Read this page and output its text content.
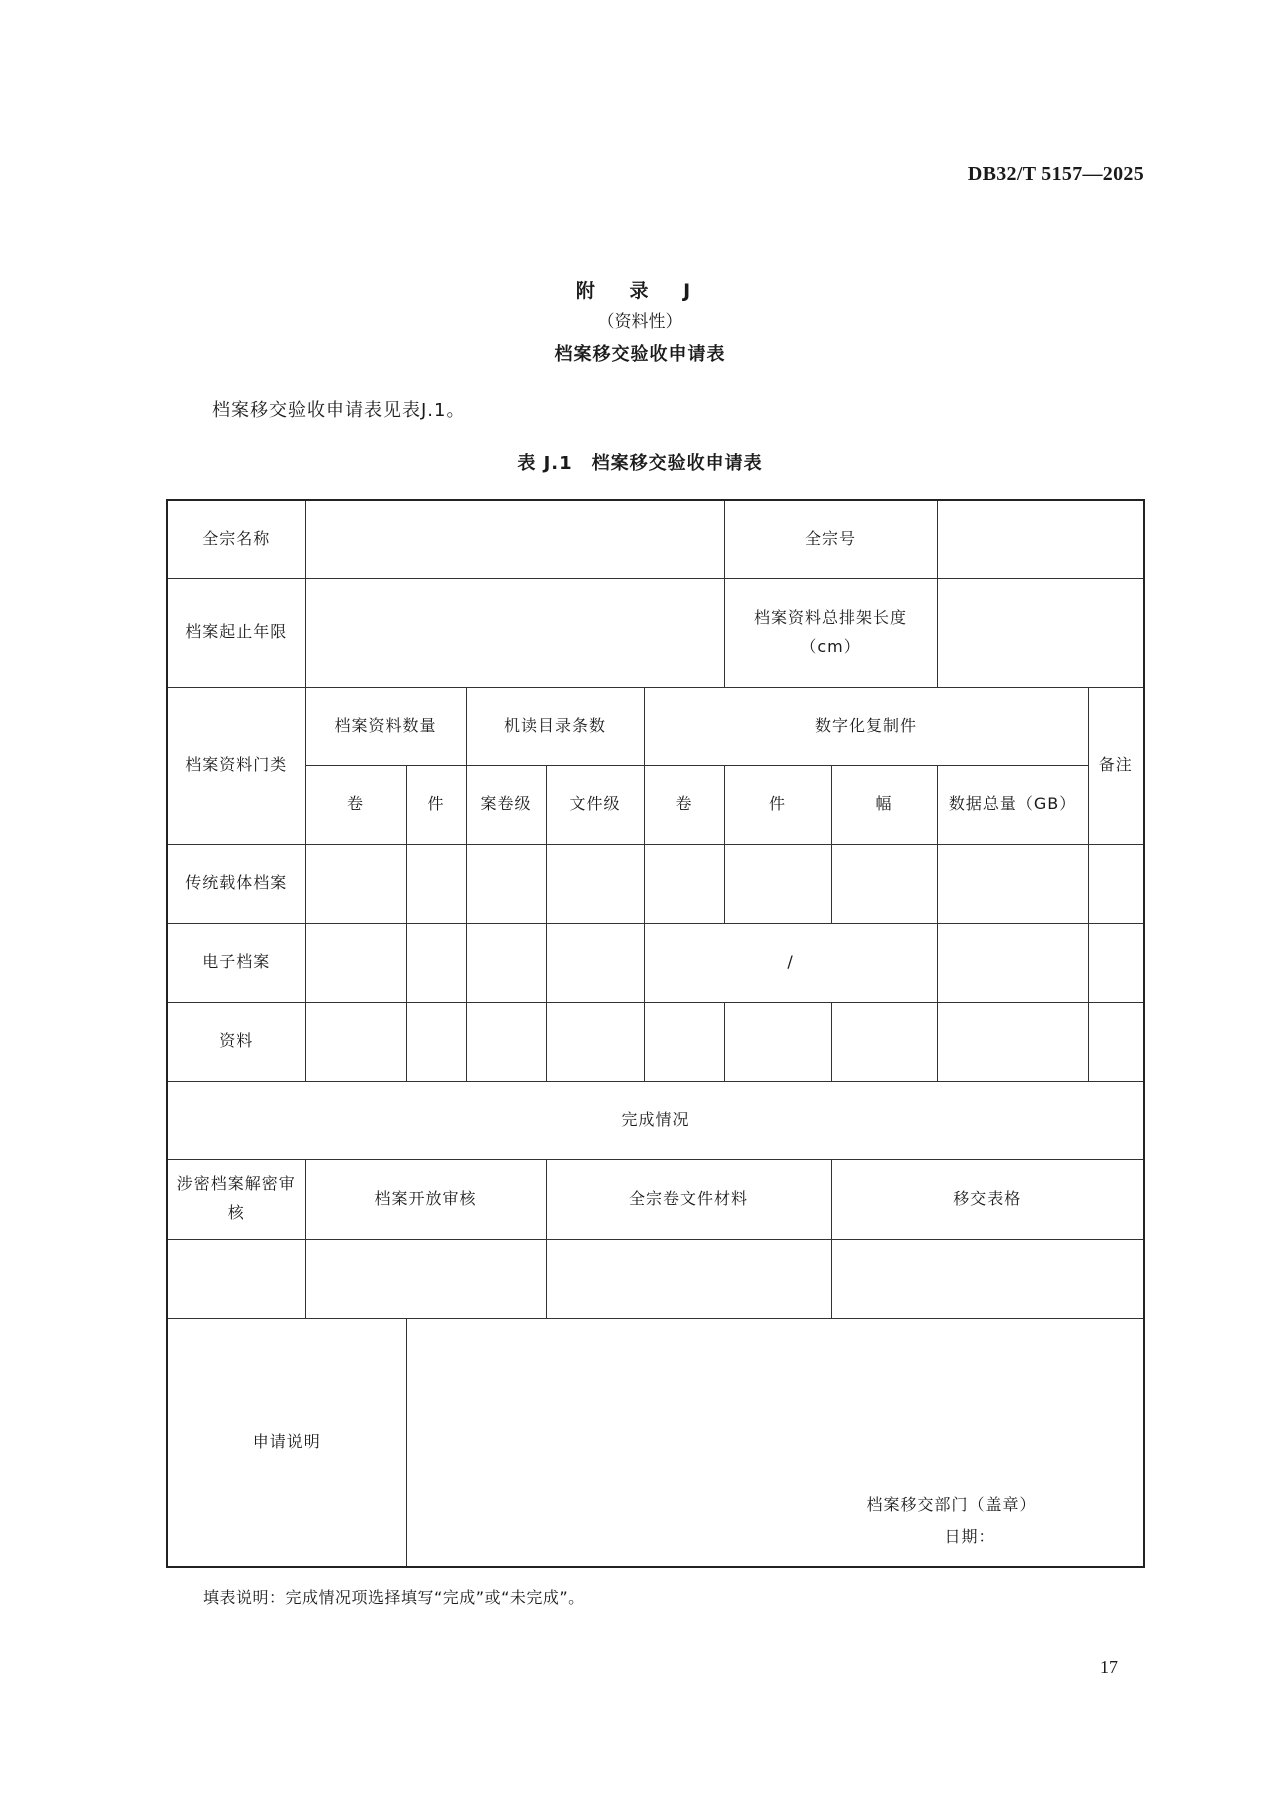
DB32/T 5157—2025
附 录 J
（资料性）
档案移交验收申请表
档案移交验收申请表见表J.1。
表 J.1　档案移交验收申请表
全宗名称						全宗号			
档案起止年限						档案资料总排架长度（cm）			
档案资料门类	档案资料数量		机读目录条数		数字化复制件				备注
	卷	件	案卷级	文件级	卷	件	幅	数据总量（GB）	
传统载体档案									
电子档案					/				
资料									
完成情况									
涉密档案解密审核	档案开放审核			全宗卷文件材料			移交表格		

申请说明		档案移交部门（盖章）
日期：							
填表说明：完成情况项选择填写“完成”或“未完成”。
17
